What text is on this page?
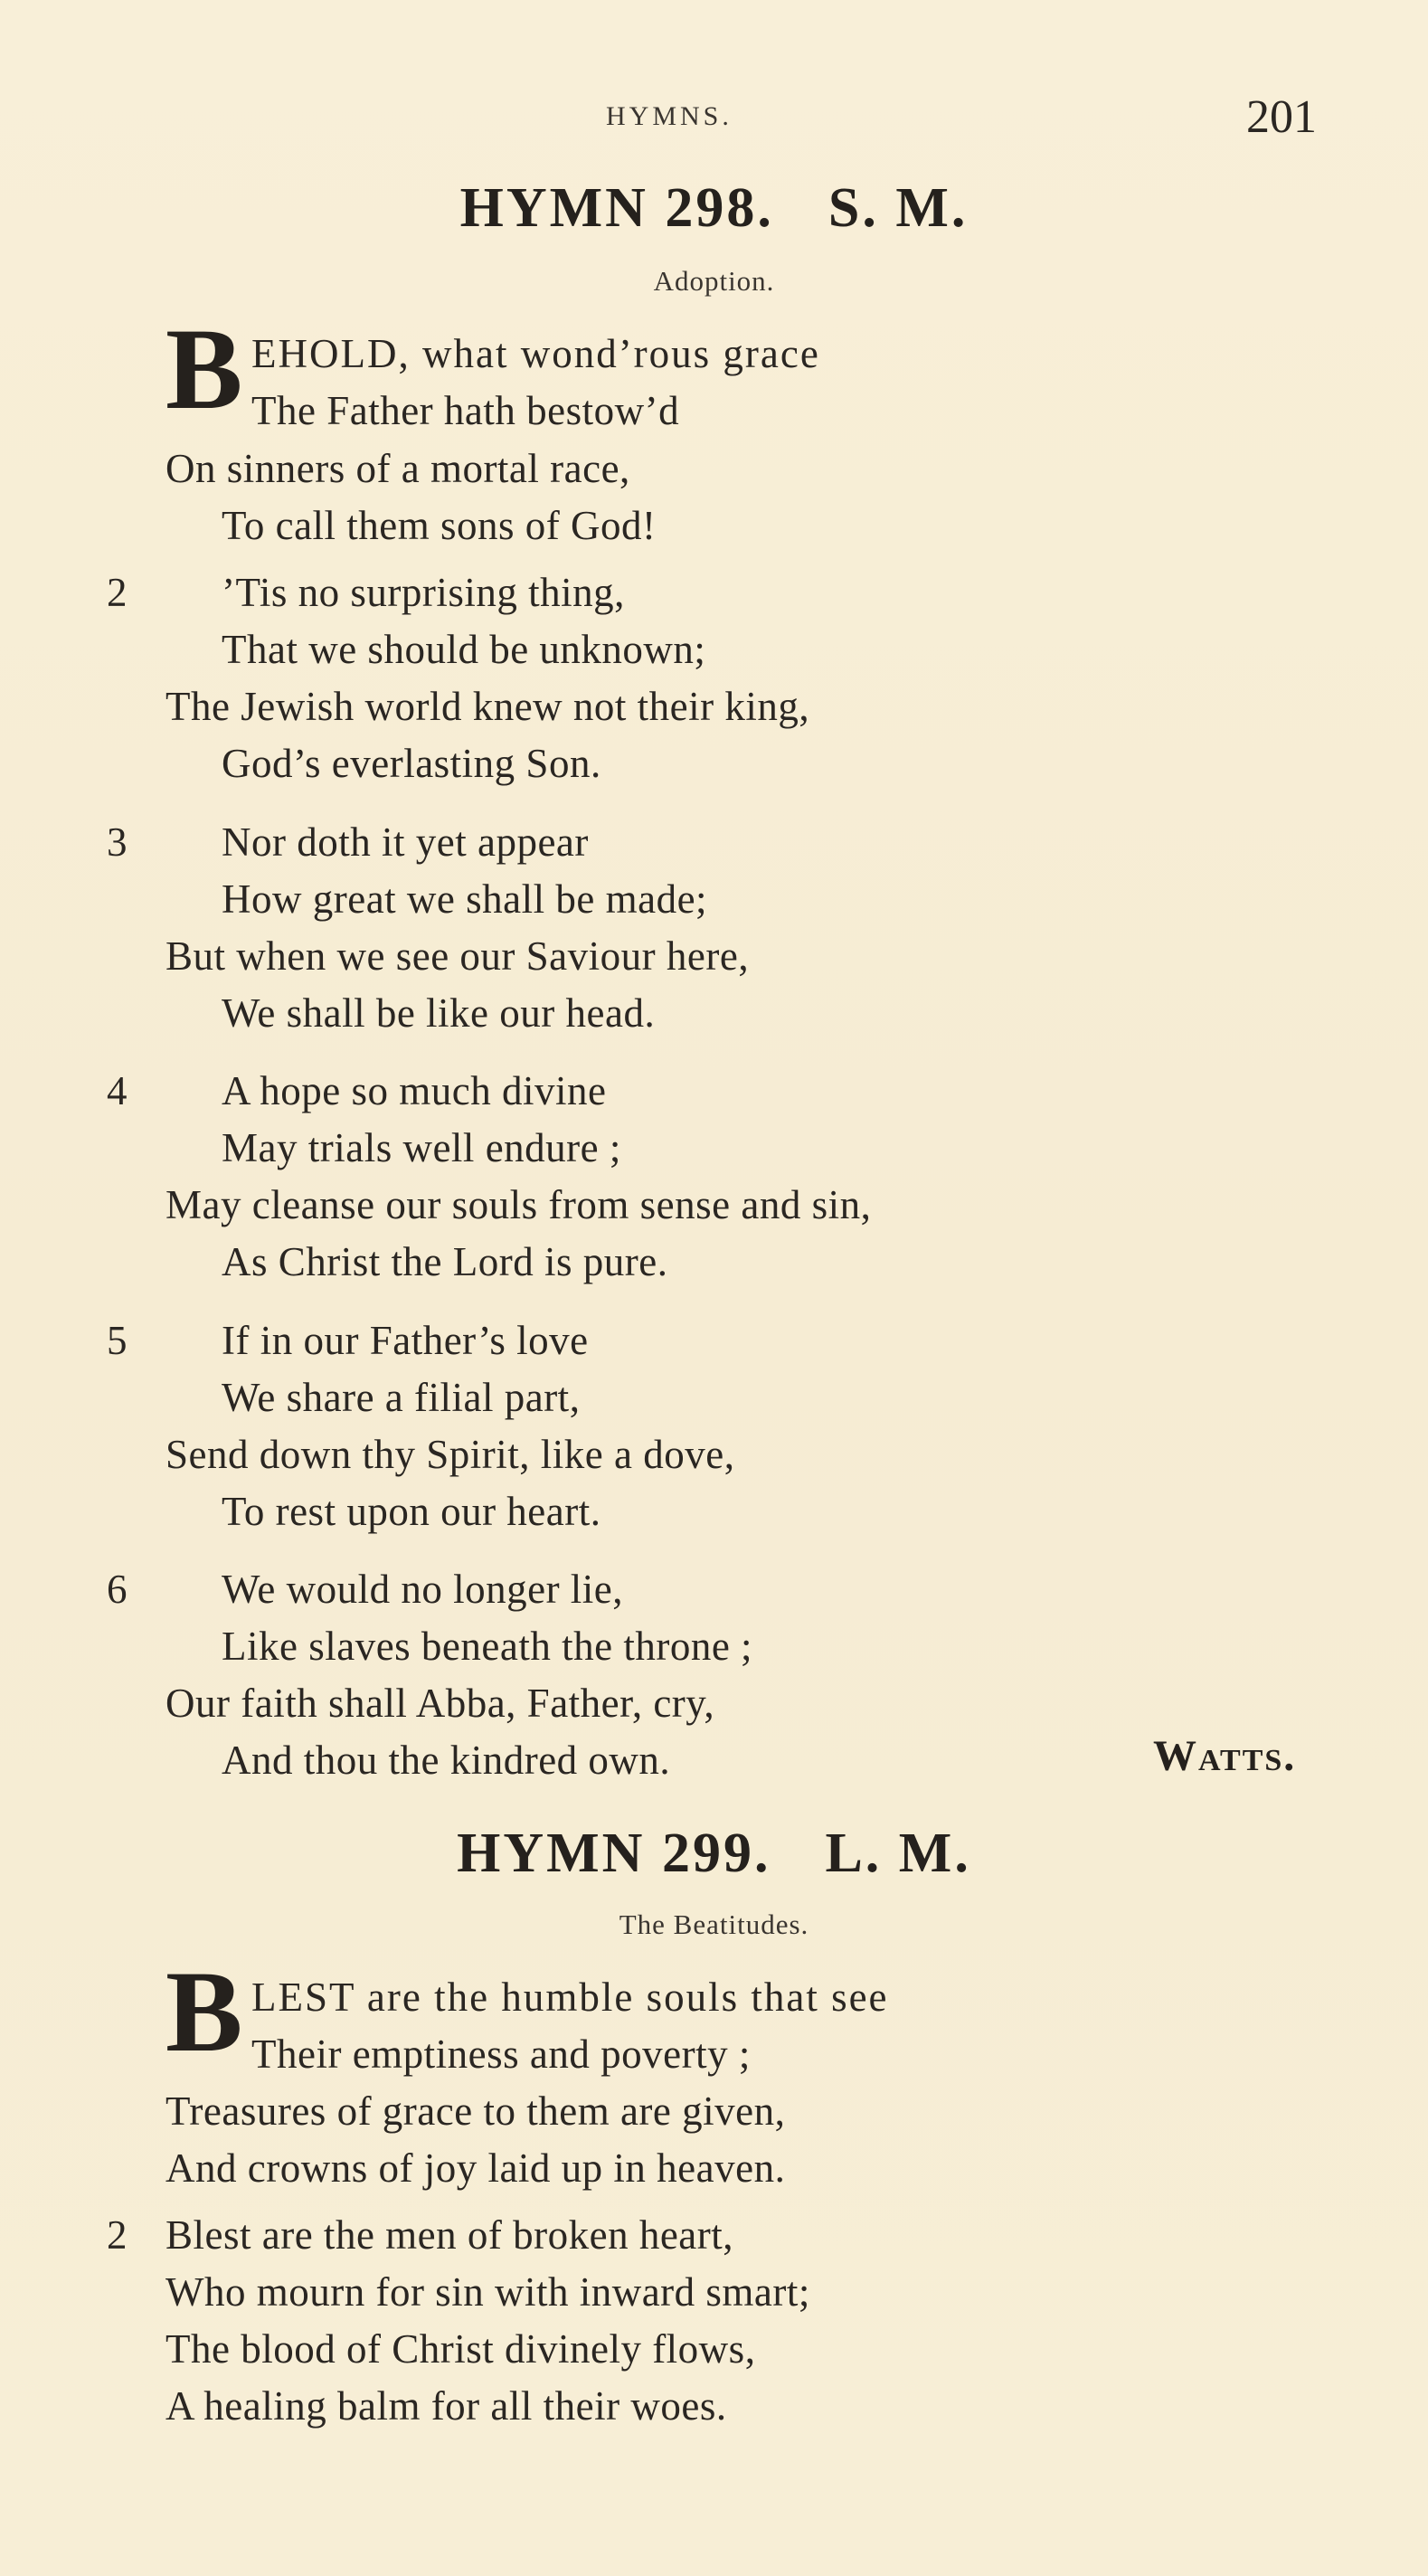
HYMNS.	201
HYMN 298. S. M.
Adoption.
B EHOLD, what wond’rous grace
The Father hath bestow’d
On sinners of a mortal race,
To call them sons of God!
2 ’Tis no surprising thing,
That we should be unknown;
The Jewish world knew not their king,
God’s everlasting Son.
3 Nor doth it yet appear
How great we shall be made;
But when we see our Saviour here,
We shall be like our head.
4 A hope so much divine
May trials well endure ;
May cleanse our souls from sense and sin,
As Christ the Lord is pure.
5 If in our Father’s love
We share a filial part,
Send down thy Spirit, like a dove,
To rest upon our heart.
6 We would no longer lie,
Like slaves beneath the throne ;
Our faith shall Abba, Father, cry,
And thou the kindred own.	Watts.
HYMN 299. L. M.
The Beatitudes.
B LEST are the humble souls that see
Their emptiness and poverty ;
Treasures of grace to them are given,
And crowns of joy laid up in heaven.
2 Blest are the men of broken heart,
Who mourn for sin with inward smart;
The blood of Christ divinely flows,
A healing balm for all their woes.
